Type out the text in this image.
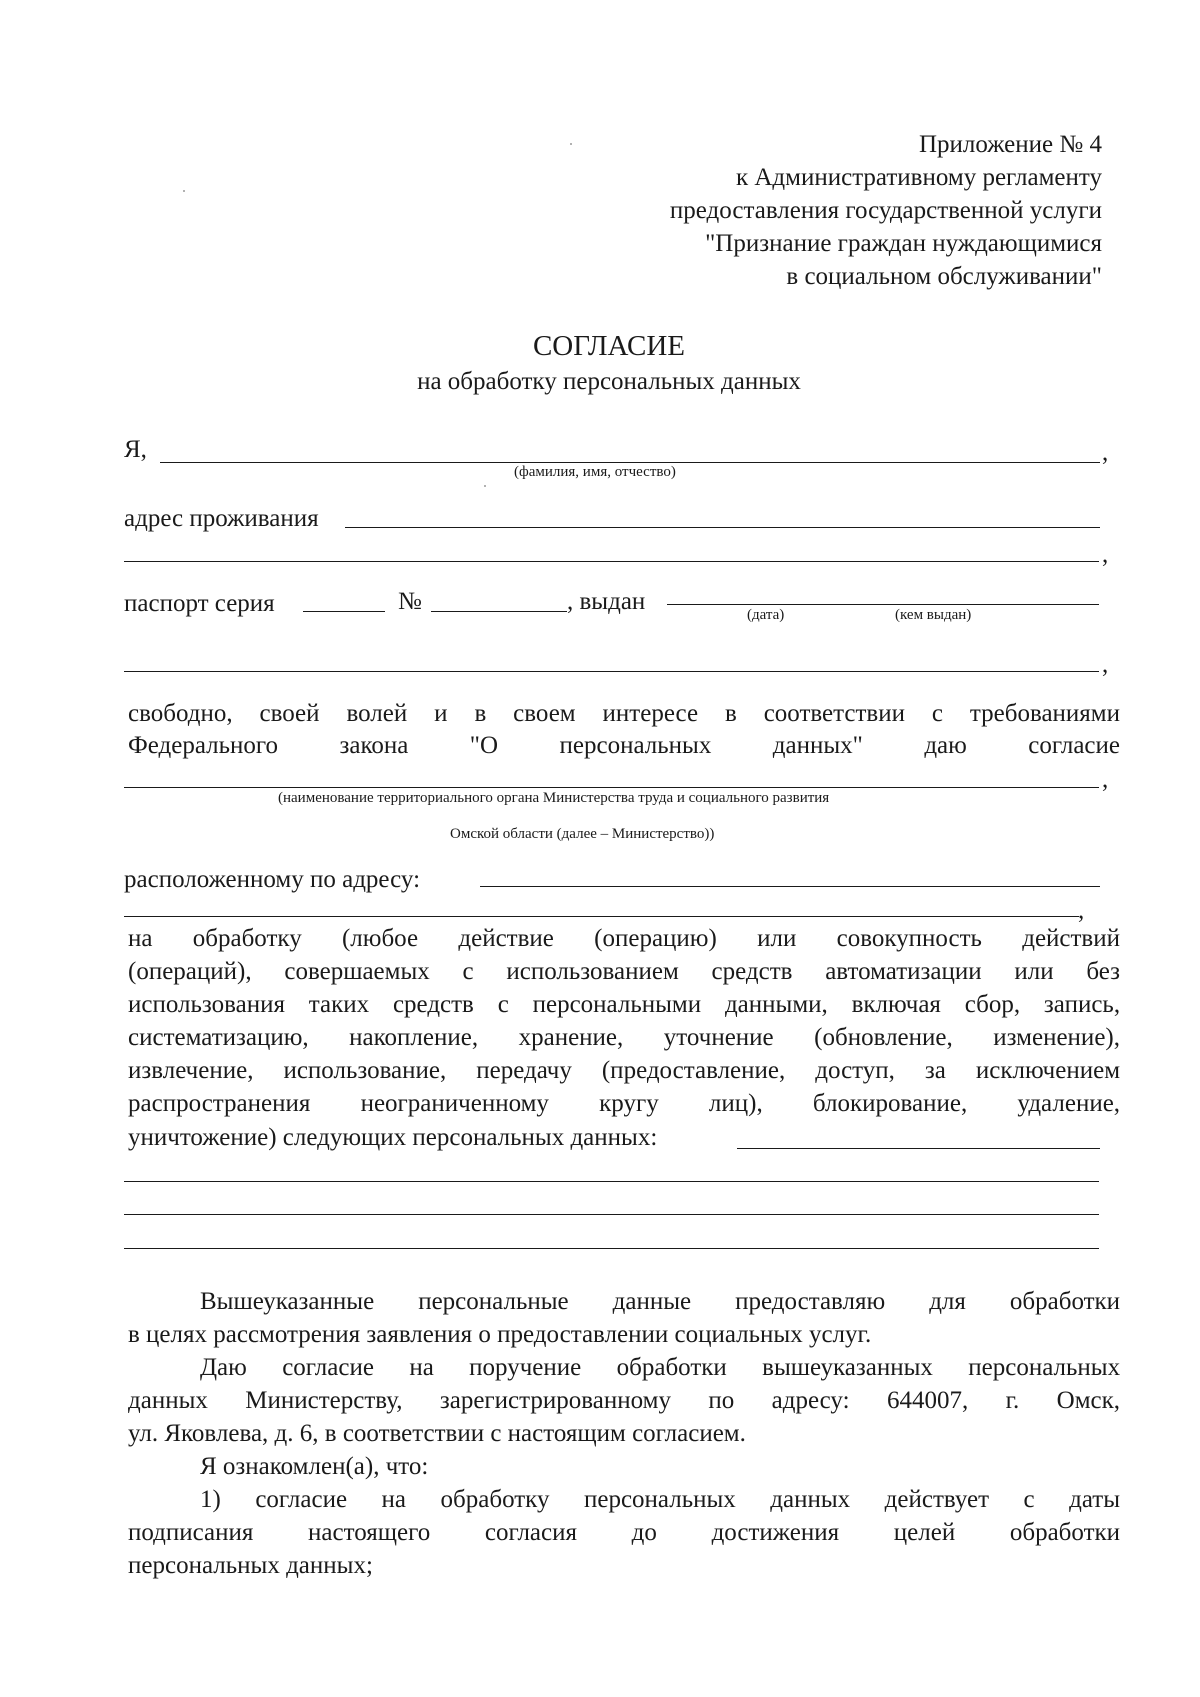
Приложение № 4
к Административному регламенту
предоставления государственной услуги
"Признание граждан нуждающимися
в социальном обслуживании"
СОГЛАСИЕ
на обработку персональных данных
Я,	,
(фамилия, имя, отчество)
адрес проживания
,
паспорт серия	№	, выдан	(дата)	(кем выдан)
,
свободно, своей волей и в своем интересе в соответствии с требованиями
Федерального закона "О персональных данных" даю согласие
,
(наименование территориального органа Министерства труда и социального развития
Омской области (далее – Министерство))
расположенному по адресу:
,
на обработку (любое действие (операцию) или совокупность действий
(операций), совершаемых с использованием средств автоматизации или без
использования таких средств с персональными данными, включая сбор, запись,
систематизацию, накопление, хранение, уточнение (обновление, изменение),
извлечение, использование, передачу (предоставление, доступ, за исключением
распространения неограниченному кругу лиц), блокирование, удаление,
уничтожение) следующих персональных данных:
Вышеуказанные персональные данные предоставляю для обработки
в целях рассмотрения заявления о предоставлении социальных услуг.
Даю согласие на поручение обработки вышеуказанных персональных
данных Министерству, зарегистрированному по адресу: 644007, г. Омск,
ул. Яковлева, д. 6, в соответствии с настоящим согласием.
Я ознакомлен(а), что:
1) согласие на обработку персональных данных действует с даты
подписания настоящего согласия до достижения целей обработки
персональных данных;
